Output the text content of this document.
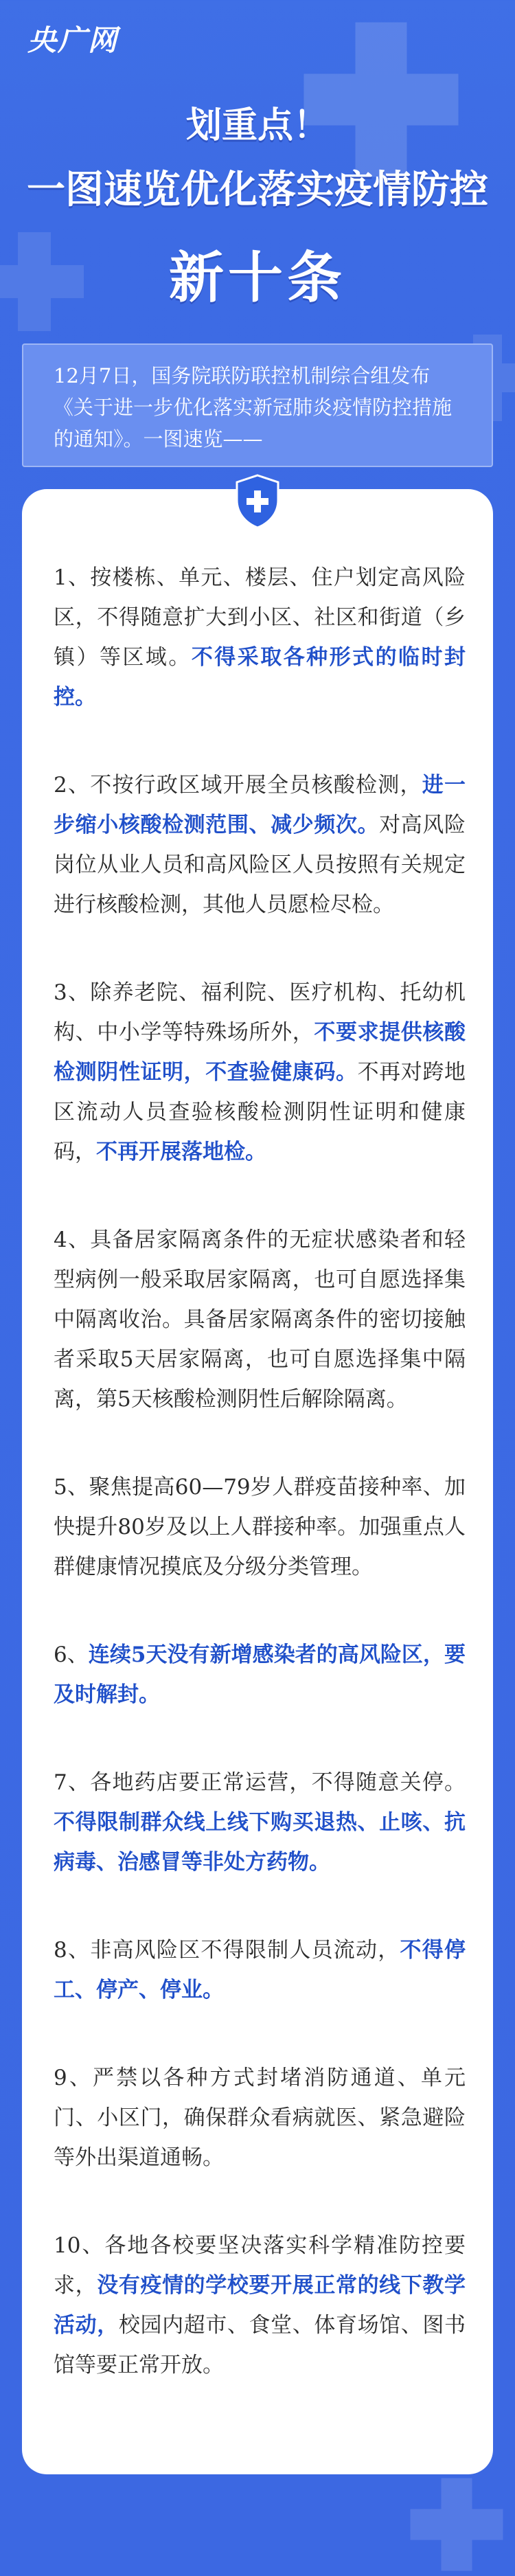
央广网
划重点！
一图速览优化落实疫情防控
新十条

12月7日，国务院联防联控机制综合组发布《关于进一步优化落实新冠肺炎疫情防控措施的通知》。一图速览——

1、按楼栋、单元、楼层、住户划定高风险区，不得随意扩大到小区、社区和街道（乡镇）等区域。不得采取各种形式的临时封控。

2、不按行政区域开展全员核酸检测，进一步缩小核酸检测范围、减少频次。对高风险岗位从业人员和高风险区人员按照有关规定进行核酸检测，其他人员愿检尽检。

3、除养老院、福利院、医疗机构、托幼机构、中小学等特殊场所外，不要求提供核酸检测阴性证明，不查验健康码。不再对跨地区流动人员查验核酸检测阴性证明和健康码，不再开展落地检。

4、具备居家隔离条件的无症状感染者和轻型病例一般采取居家隔离，也可自愿选择集中隔离收治。具备居家隔离条件的密切接触者采取5天居家隔离，也可自愿选择集中隔离，第5天核酸检测阴性后解除隔离。

5、聚焦提高60—79岁人群疫苗接种率、加快提升80岁及以上人群接种率。加强重点人群健康情况摸底及分级分类管理。

6、连续5天没有新增感染者的高风险区，要及时解封。

7、各地药店要正常运营，不得随意关停。不得限制群众线上线下购买退热、止咳、抗病毒、治感冒等非处方药物。

8、非高风险区不得限制人员流动，不得停工、停产、停业。

9、严禁以各种方式封堵消防通道、单元门、小区门，确保群众看病就医、紧急避险等外出渠道通畅。

10、各地各校要坚决落实科学精准防控要求，没有疫情的学校要开展正常的线下教学活动，校园内超市、食堂、体育场馆、图书馆等要正常开放。
